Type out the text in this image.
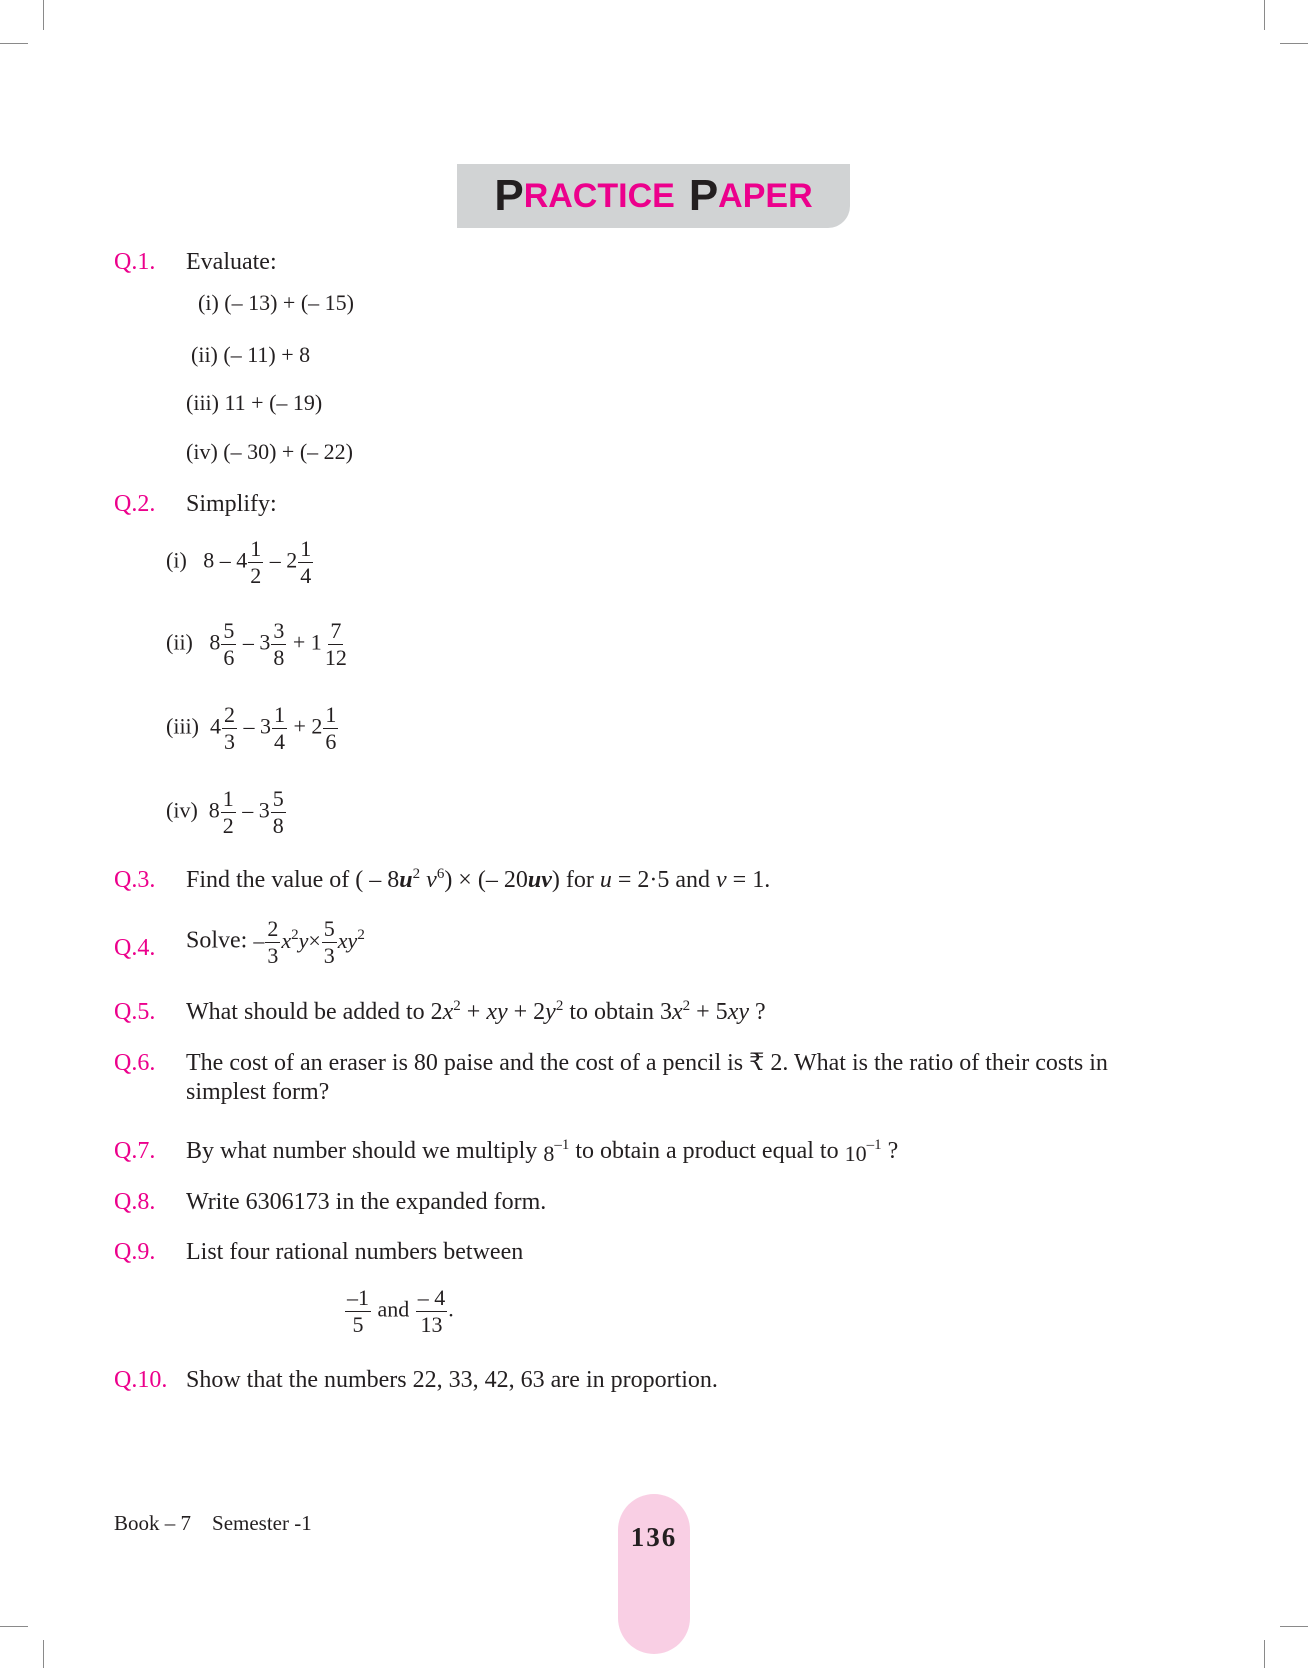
P RACTICE P APER
Q.1. Evaluate:
(i) (– 13) + (– 15)
(ii) (– 11) + 8
(iii) 11 + (– 19)
(iv) (– 30) + (– 22)
Q.2. Simplify:
(i) $8 - 4 \frac{1}{2} - 2 \frac{1}{4}$
(ii) $8 \frac{5}{6} - 3 \frac{3}{8} + 1 \frac{7}{12}$
(iii) $4 \frac{2}{3} - 3 \frac{1}{4} + 2 \frac{1}{6}$
(iv) $8 \frac{1}{2} - 3 \frac{5}{8}$
Q.3. Find the value of ( – $8u^2$ $v^6$) × (– 20uv) for u = 2·5 and v = 1.
Q.4. Solve: – $\frac{2}{3} x^2y\times \frac{5}{3} xy^2$
Q.5. What should be added to $2x^2$ + xy + $2y^2$ to obtain $3x^2 + 5xy$ ?
Q.6. The cost of an eraser is 80 paise and the cost of a pencil is ₹ 2. What is the ratio of their costs in
simplest form?
Q.7. By what number should we multiply $8^{-1}$ to obtain a product equal to $10^{-1}$ ?
Q.8. Write 6306173 in the expanded form.
Q.9. List four rational numbers between
$\frac{-1}{5}$ and $\frac{- 4}{13}$ .
Q.10. Show that the numbers 22, 33, 42, 63 are in proportion.
Book – 7 Semester -1	136
